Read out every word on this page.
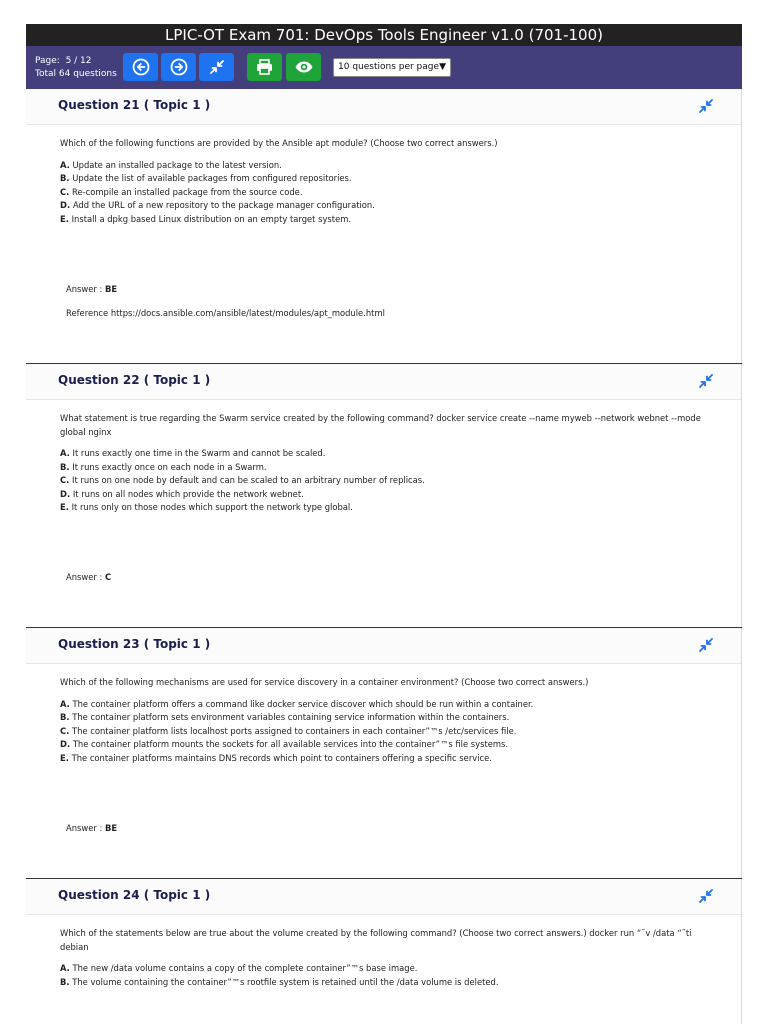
LPIC-OT Exam 701: DevOps Tools Engineer v1.0 (701-100)
Page: 5 / 12
Total 64 questions
10 questions per page ▼
Question 21 ( Topic 1 )
Which of the following functions are provided by the Ansible apt module? (Choose two correct answers.)
A. Update an installed package to the latest version.
B. Update the list of available packages from configured repositories.
C. Re-compile an installed package from the source code.
D. Add the URL of a new repository to the package manager configuration.
E. Install a dpkg based Linux distribution on an empty target system.
Answer : BE
Reference https://docs.ansible.com/ansible/latest/modules/apt_module.html
Question 22 ( Topic 1 )
What statement is true regarding the Swarm service created by the following command? docker service create --name myweb --network webnet --mode global nginx
A. It runs exactly one time in the Swarm and cannot be scaled.
B. It runs exactly once on each node in a Swarm.
C. It runs on one node by default and can be scaled to an arbitrary number of replicas.
D. It runs on all nodes which provide the network webnet.
E. It runs only on those nodes which support the network type global.
Answer : C
Question 23 ( Topic 1 )
Which of the following mechanisms are used for service discovery in a container environment? (Choose two correct answers.)
A. The container platform offers a command like docker service discover which should be run within a container.
B. The container platform sets environment variables containing service information within the containers.
C. The container platform lists localhost ports assigned to containers in each container”™s /etc/services file.
D. The container platform mounts the sockets for all available services into the container”™s file systems.
E. The container platforms maintains DNS records which point to containers offering a specific service.
Answer : BE
Question 24 ( Topic 1 )
Which of the statements below are true about the volume created by the following command? (Choose two correct answers.) docker run “˜v /data “˜ti debian
A. The new /data volume contains a copy of the complete container”™s base image.
B. The volume containing the container”™s rootfile system is retained until the /data volume is deleted.
